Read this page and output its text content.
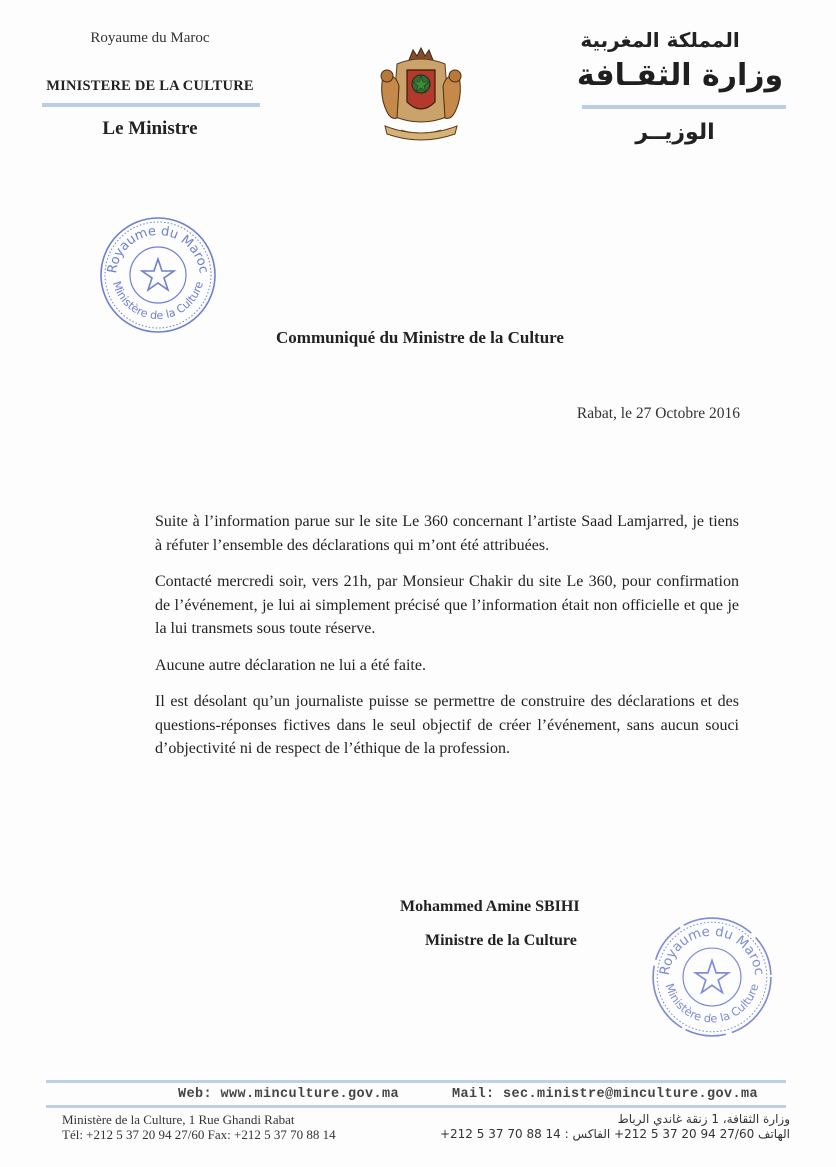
Royaume du Maroc
MINISTERE DE LA CULTURE
Le Ministre
المملكة المغربية
وزارة الثقـافة
الوزيــر
Royaume du Maroc
Ministère de la Culture
Communiqué du Ministre de la Culture
Rabat, le 27 Octobre 2016

Suite à l’information parue sur le site Le 360 concernant l’artiste Saad Lamjarred, je tiens à réfuter l’ensemble des déclarations qui m’ont été attribuées.

Contacté mercredi soir, vers 21h, par Monsieur Chakir du site Le 360, pour confirmation de l’événement, je lui ai simplement précisé que l’information était non officielle et que je la lui transmets sous toute réserve.

Aucune autre déclaration ne lui a été faite.

Il est désolant qu’un journaliste puisse se permettre de construire des déclarations et des questions-réponses fictives dans le seul objectif de créer l’événement, sans aucun souci d’objectivité ni de respect de l’éthique de la profession.

Mohammed Amine SBIHI
Ministre de la Culture
Royaume du Maroc
Ministère de la Culture
Web: www.minculture.gov.ma	Mail: sec.ministre@minculture.gov.ma
Ministère de la Culture, 1 Rue Ghandi Rabat
Tél: +212 5 37 20 94 27/60 Fax: +212 5 37 70 88 14
وزارة الثقافة، 1 زنقة غاندي الرباط
الهاتف 27/60 94 20 37 5 212+ الفاكس : 14 88 70 37 5 212+
